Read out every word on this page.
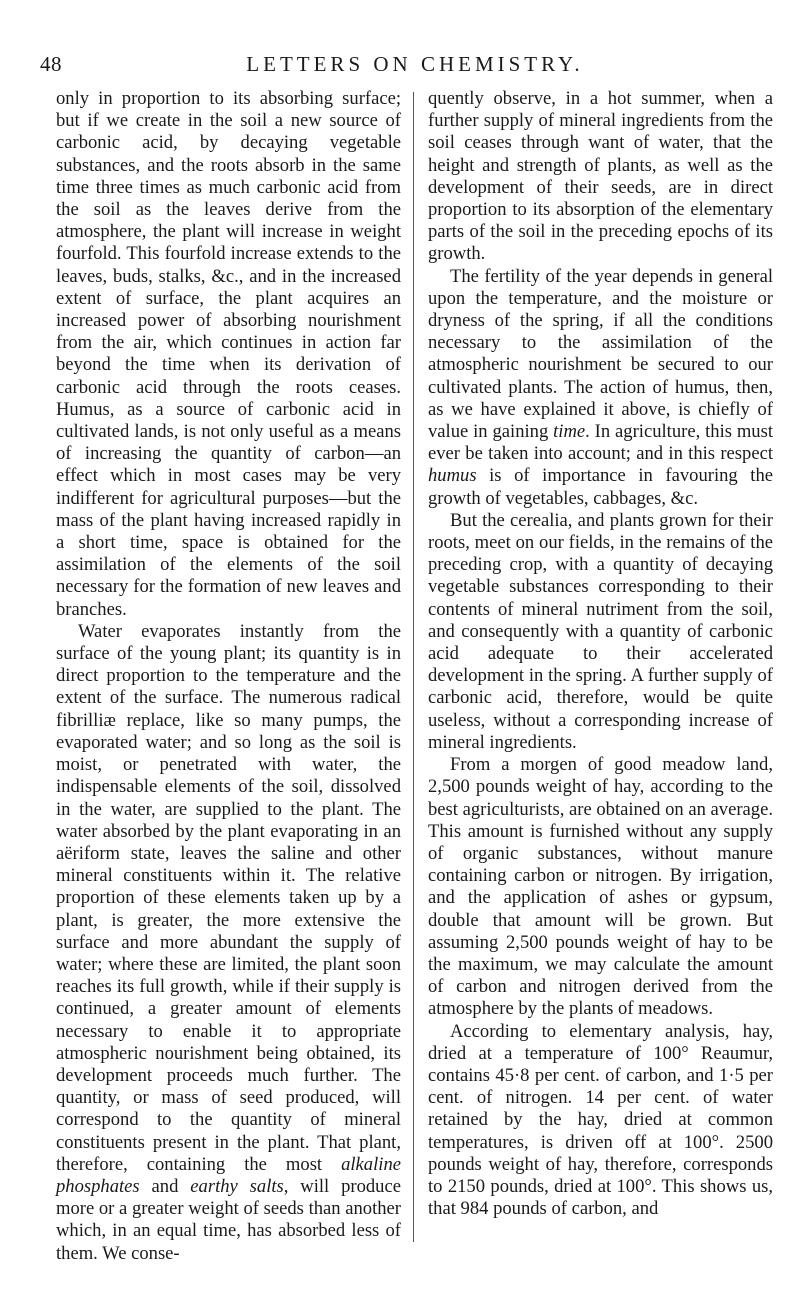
48	LETTERS ON CHEMISTRY.

only in proportion to its absorbing surface; but if we create in the soil a new source of carbonic acid, by decaying vegetable substances, and the roots absorb in the same time three times as much carbonic acid from the soil as the leaves derive from the atmosphere, the plant will increase in weight fourfold. This fourfold increase extends to the leaves, buds, stalks, &c., and in the increased extent of surface, the plant acquires an increased power of absorbing nourishment from the air, which continues in action far beyond the time when its derivation of carbonic acid through the roots ceases. Humus, as a source of carbonic acid in cultivated lands, is not only useful as a means of increasing the quantity of carbon—an effect which in most cases may be very indifferent for agricultural purposes—but the mass of the plant having increased rapidly in a short time, space is obtained for the assimilation of the elements of the soil necessary for the formation of new leaves and branches.

Water evaporates instantly from the surface of the young plant; its quantity is in direct proportion to the temperature and the extent of the surface. The numerous radical fibrilliæ replace, like so many pumps, the evaporated water; and so long as the soil is moist, or penetrated with water, the indispensable elements of the soil, dissolved in the water, are supplied to the plant. The water absorbed by the plant evaporating in an aëriform state, leaves the saline and other mineral constituents within it. The relative proportion of these elements taken up by a plant, is greater, the more extensive the surface and more abundant the supply of water; where these are limited, the plant soon reaches its full growth, while if their supply is continued, a greater amount of elements necessary to enable it to appropriate atmospheric nourishment being obtained, its development proceeds much further. The quantity, or mass of seed produced, will correspond to the quantity of mineral constituents present in the plant. That plant, therefore, containing the most alkaline phosphates and earthy salts, will produce more or a greater weight of seeds than another which, in an equal time, has absorbed less of them. We conse-

quently observe, in a hot summer, when a further supply of mineral ingredients from the soil ceases through want of water, that the height and strength of plants, as well as the development of their seeds, are in direct proportion to its absorption of the elementary parts of the soil in the preceding epochs of its growth.

The fertility of the year depends in general upon the temperature, and the moisture or dryness of the spring, if all the conditions necessary to the assimilation of the atmospheric nourishment be secured to our cultivated plants. The action of humus, then, as we have explained it above, is chiefly of value in gaining time. In agriculture, this must ever be taken into account; and in this respect humus is of importance in favouring the growth of vegetables, cabbages, &c.

But the cerealia, and plants grown for their roots, meet on our fields, in the remains of the preceding crop, with a quantity of decaying vegetable substances corresponding to their contents of mineral nutriment from the soil, and consequently with a quantity of carbonic acid adequate to their accelerated development in the spring. A further supply of carbonic acid, therefore, would be quite useless, without a corresponding increase of mineral ingredients.

From a morgen of good meadow land, 2,500 pounds weight of hay, according to the best agriculturists, are obtained on an average. This amount is furnished without any supply of organic substances, without manure containing carbon or nitrogen. By irrigation, and the application of ashes or gypsum, double that amount will be grown. But assuming 2,500 pounds weight of hay to be the maximum, we may calculate the amount of carbon and nitrogen derived from the atmosphere by the plants of meadows.

According to elementary analysis, hay, dried at a temperature of 100° Reaumur, contains 45·8 per cent. of carbon, and 1·5 per cent. of nitrogen. 14 per cent. of water retained by the hay, dried at common temperatures, is driven off at 100°. 2500 pounds weight of hay, therefore, corresponds to 2150 pounds, dried at 100°. This shows us, that 984 pounds of carbon, and
